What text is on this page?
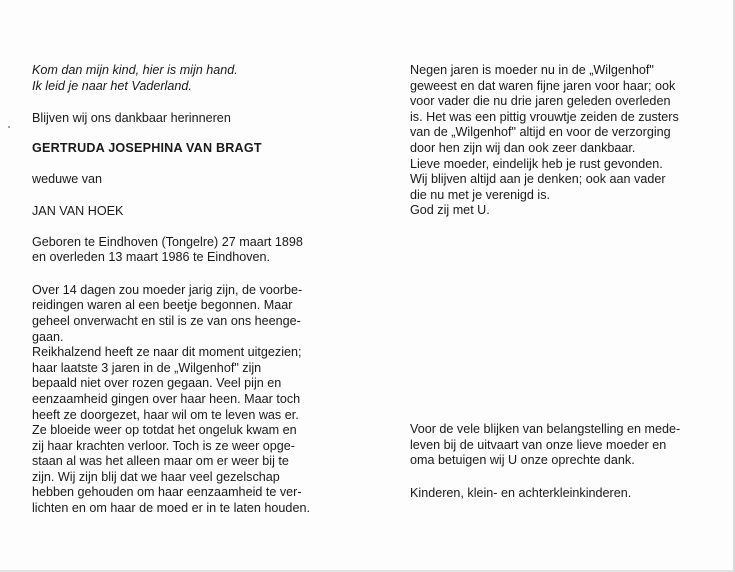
Kom dan mijn kind, hier is mijn hand.

Ik leid je naar het Vaderland.

Blijven wij ons dankbaar herinneren

GERTRUDA JOSEPHINA VAN BRAGT

weduwe van

JAN VAN HOEK

Geboren te Eindhoven (Tongelre) 27 maart 1898

en overleden 13 maart 1986 te Eindhoven.

Over 14 dagen zou moeder jarig zijn, de voorbe-

reidingen waren al een beetje begonnen. Maar

geheel onverwacht en stil is ze van ons heenge-

gaan.

Reikhalzend heeft ze naar dit moment uitgezien;

haar laatste 3 jaren in de „Wilgenhof" zijn

bepaald niet over rozen gegaan. Veel pijn en

eenzaamheid gingen over haar heen. Maar toch

heeft ze doorgezet, haar wil om te leven was er.

Ze bloeide weer op totdat het ongeluk kwam en

zij haar krachten verloor. Toch is ze weer opge-

staan al was het alleen maar om er weer bij te

zijn. Wij zijn blij dat we haar veel gezelschap

hebben gehouden om haar eenzaamheid te ver-

lichten en om haar de moed er in te laten houden.

Negen jaren is moeder nu in de „Wilgenhof"

geweest en dat waren fijne jaren voor haar; ook

voor vader die nu drie jaren geleden overleden

is. Het was een pittig vrouwtje zeiden de zusters

van de „Wilgenhof" altijd en voor de verzorging

door hen zijn wij dan ook zeer dankbaar.

Lieve moeder, eindelijk heb je rust gevonden.

Wij blijven altijd aan je denken; ook aan vader

die nu met je verenigd is.

God zij met U.

Voor de vele blijken van belangstelling en mede-

leven bij de uitvaart van onze lieve moeder en

oma betuigen wij U onze oprechte dank.

Kinderen, klein- en achterkleinkinderen.
